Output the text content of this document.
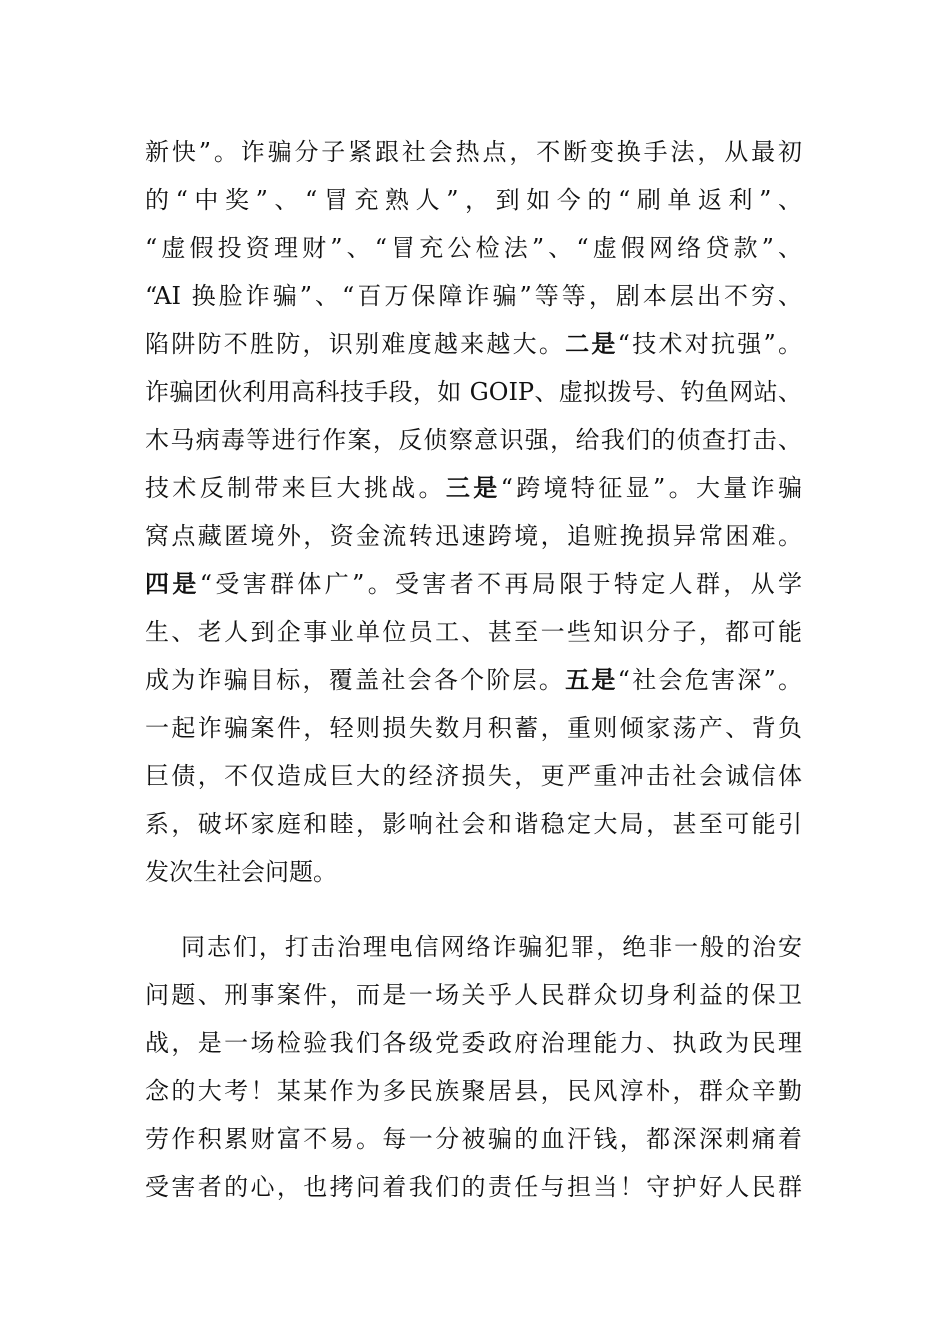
新快”。诈骗分子紧跟社会热点，不断变换手法，从最初
的“中奖”、“冒充熟人”，到如今的“刷单返利”、
“虚假投资理财”、“冒充公检法”、“虚假网络贷款”、
“AI 换脸诈骗”、“百万保障诈骗”等等，剧本层出不穷、
陷阱防不胜防，识别难度越来越大。二是“技术对抗强”。
诈骗团伙利用高科技手段，如 GOIP、虚拟拨号、钓鱼网站、
木马病毒等进行作案，反侦察意识强，给我们的侦查打击、
技术反制带来巨大挑战。三是“跨境特征显”。大量诈骗
窝点藏匿境外，资金流转迅速跨境，追赃挽损异常困难。
四是“受害群体广”。受害者不再局限于特定人群，从学
生、老人到企事业单位员工、甚至一些知识分子，都可能
成为诈骗目标，覆盖社会各个阶层。五是“社会危害深”。
一起诈骗案件，轻则损失数月积蓄，重则倾家荡产、背负
巨债，不仅造成巨大的经济损失，更严重冲击社会诚信体
系，破坏家庭和睦，影响社会和谐稳定大局，甚至可能引
发次生社会问题。
同志们，打击治理电信网络诈骗犯罪，绝非一般的治安
问题、刑事案件，而是一场关乎人民群众切身利益的保卫
战，是一场检验我们各级党委政府治理能力、执政为民理
念的大考！某某作为多民族聚居县，民风淳朴，群众辛勤
劳作积累财富不易。每一分被骗的血汗钱，都深深刺痛着
受害者的心，也拷问着我们的责任与担当！守护好人民群
